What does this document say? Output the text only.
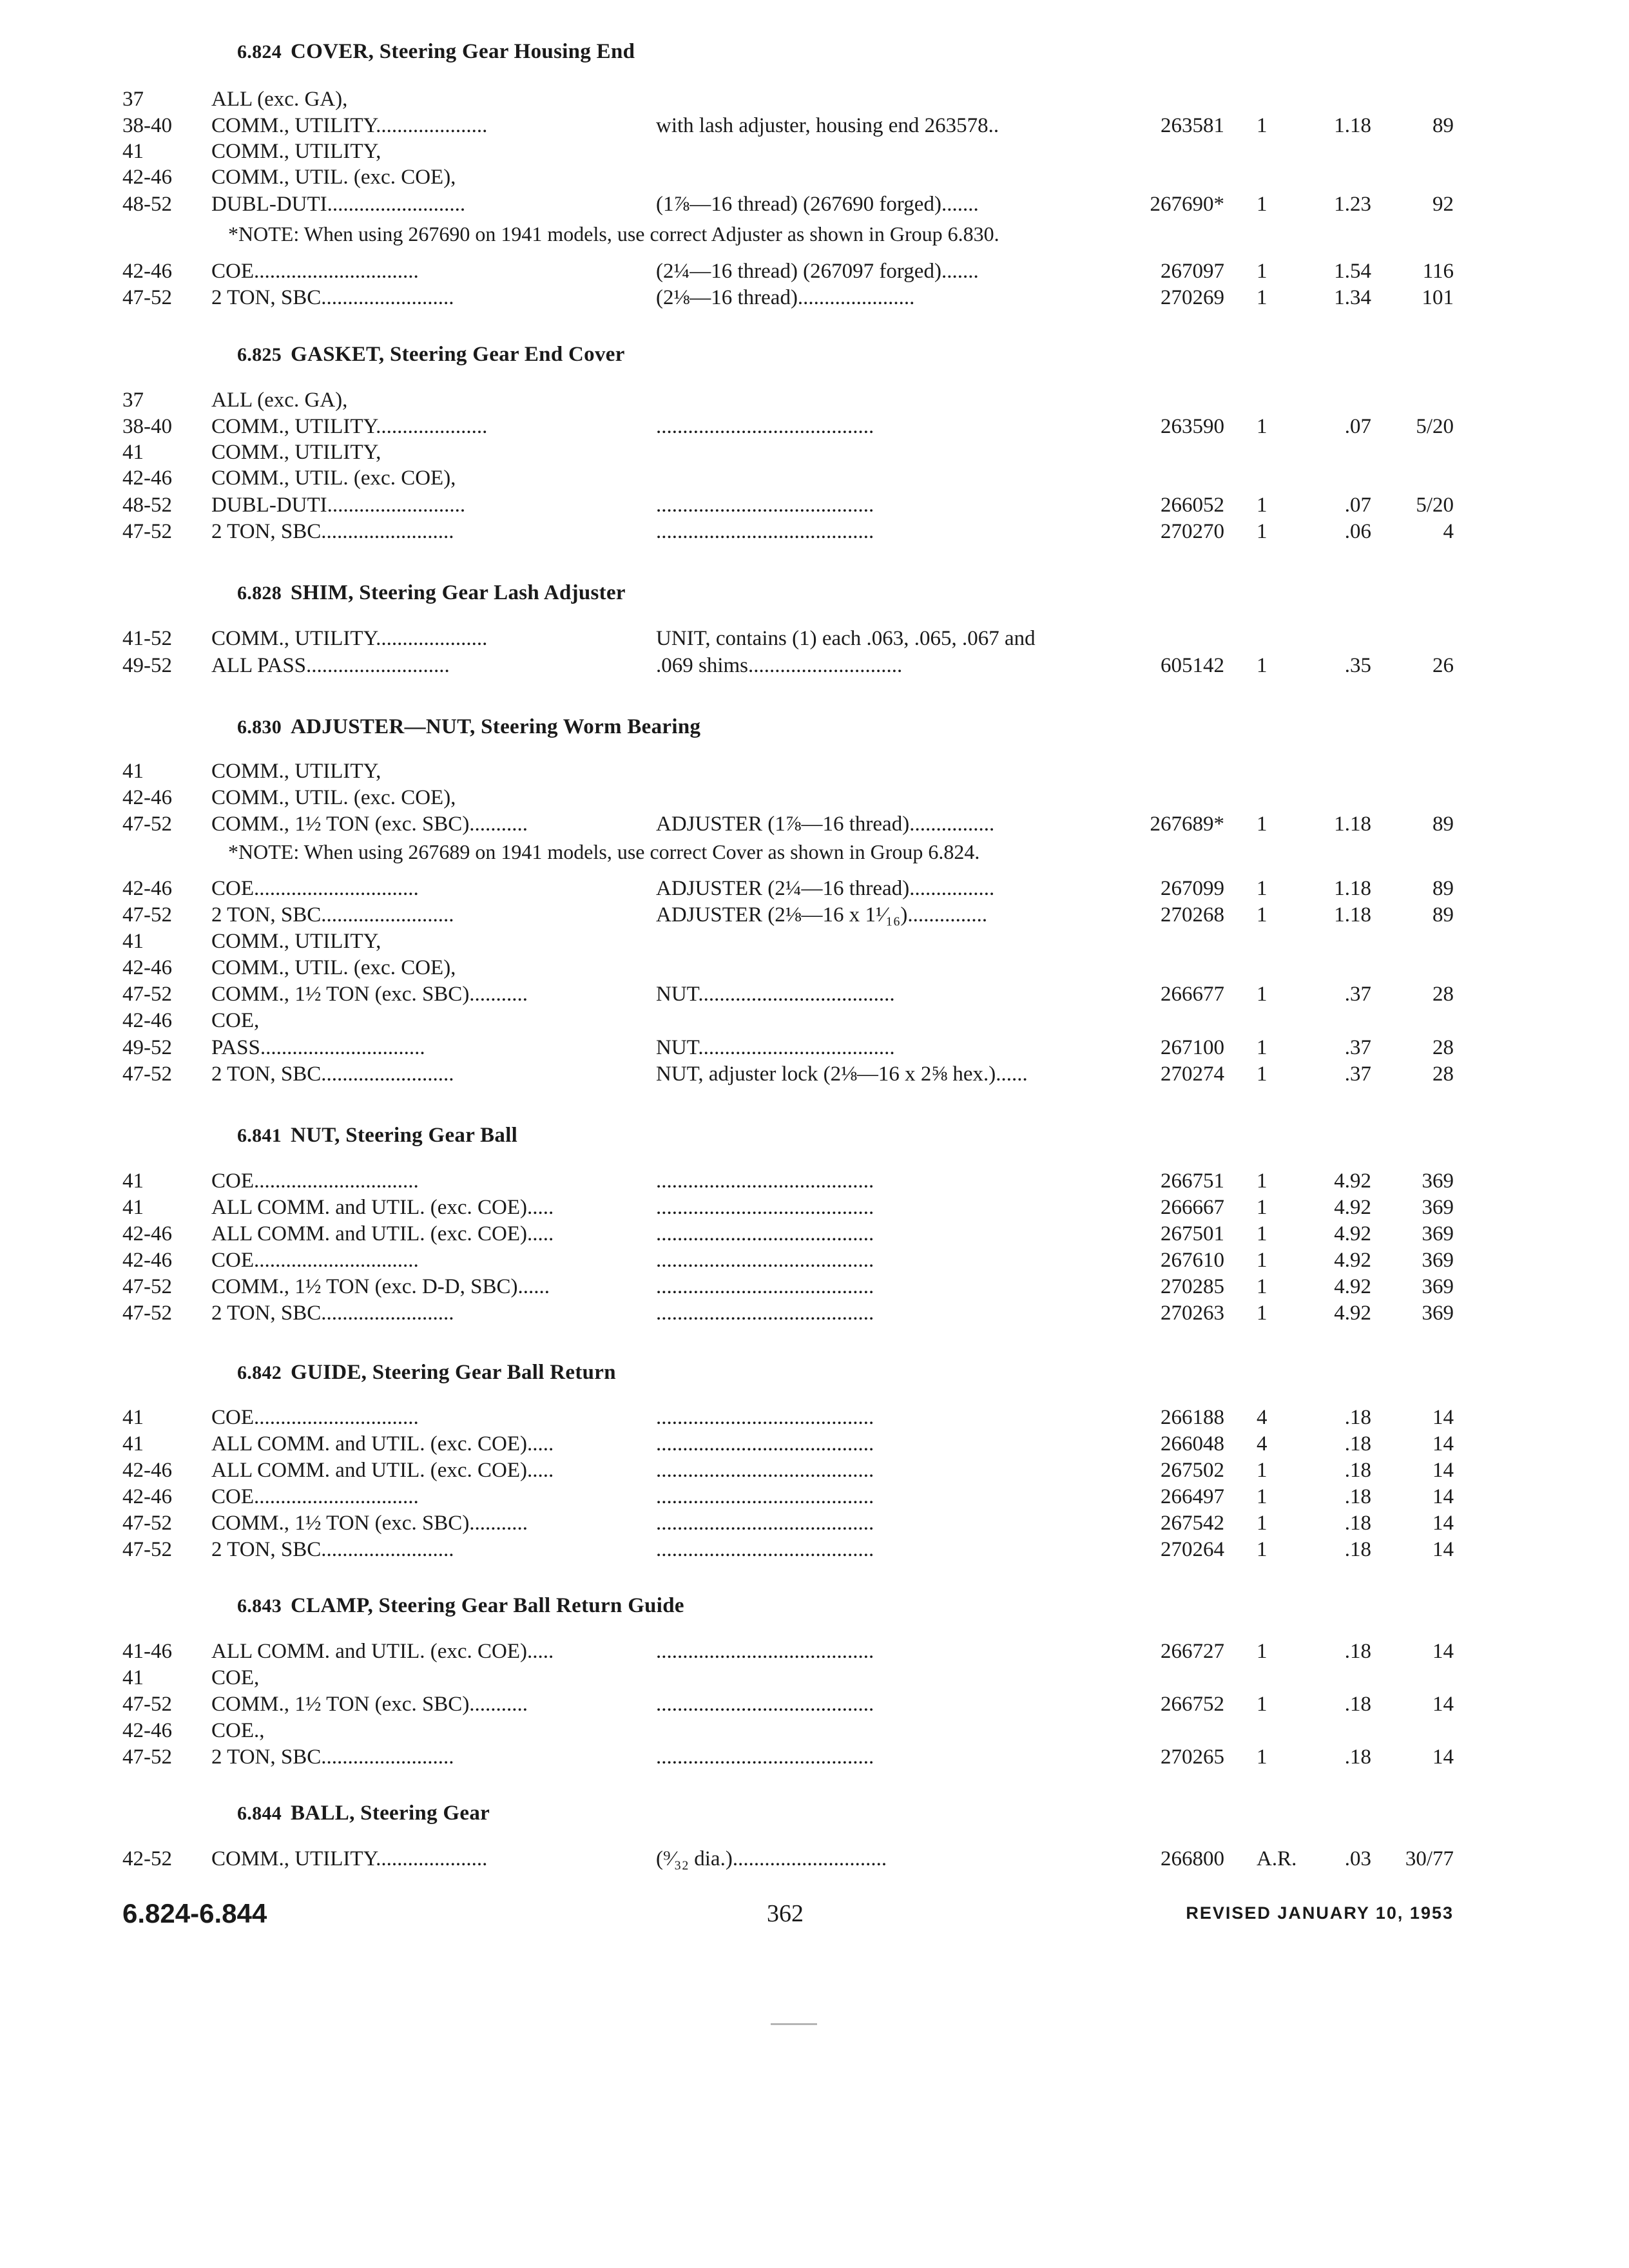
6.824 COVER, Steering Gear Housing End
37	ALL (exc. GA),
38-40 COMM., UTILITY.....................	with lash adjuster, housing end 263578..	263581 1	1.18	89
41	COMM., UTILITY,
42-46 COMM., UTIL. (exc. COE),
48-52 DUBL-DUTI..........................	(1⅞—16 thread) (267690 forged).......	267690* 1	1.23	92
*NOTE: When using 267690 on 1941 models, use correct Adjuster as shown in Group 6.830.
42-46 COE...............................	(2¼—16 thread) (267097 forged).......	267097 1	1.54 116
47-52 2 TON, SBC.........................	(2⅛—16 thread)......................	270269 1	1.34 101
6.825 GASKET, Steering Gear End Cover
37	ALL (exc. GA),
38-40 COMM., UTILITY.....................	.........................................	263590 1	.07 5/20
41	COMM., UTILITY,
42-46 COMM., UTIL. (exc. COE),
48-52 DUBL-DUTI..........................	.........................................	266052 1	.07 5/20
47-52 2 TON, SBC.........................	.........................................	270270 1	.06	4
6.828 SHIM, Steering Gear Lash Adjuster
41-52 COMM., UTILITY.....................	UNIT, contains (1) each .063, .065, .067 and
49-52 ALL PASS...........................	.069 shims.............................	605142 1	.35	26
6.830 ADJUSTER—NUT, Steering Worm Bearing
41	COMM., UTILITY,
42-46 COMM., UTIL. (exc. COE),
47-52 COMM., 1½ TON (exc. SBC)...........	ADJUSTER (1⅞—16 thread)................	267689* 1	1.18	89
*NOTE: When using 267689 on 1941 models, use correct Cover as shown in Group 6.824.
42-46 COE...............................	ADJUSTER (2¼—16 thread)................	267099 1	1.18	89
47-52 2 TON, SBC.........................	ADJUSTER (2⅛—16 x 1¹⁄₁₆)...............	270268 1	1.18	89
41	COMM., UTILITY,
42-46 COMM., UTIL. (exc. COE),
47-52 COMM., 1½ TON (exc. SBC)...........	NUT.....................................	266677 1	.37	28
42-46 COE,
49-52 PASS...............................	NUT.....................................	267100 1	.37	28
47-52 2 TON, SBC.........................	NUT, adjuster lock (2⅛—16 x 2⅝ hex.)......	270274 1	.37	28
6.841 NUT, Steering Gear Ball
41	COE...............................	.........................................	266751 1	4.92 369
41	ALL COMM. and UTIL. (exc. COE).....	.........................................	266667 1	4.92 369
42-46 ALL COMM. and UTIL. (exc. COE).....	.........................................	267501 1	4.92 369
42-46 COE...............................	.........................................	267610 1	4.92 369
47-52 COMM., 1½ TON (exc. D-D, SBC)......	.........................................	270285 1	4.92 369
47-52 2 TON, SBC.........................	.........................................	270263 1	4.92 369
6.842 GUIDE, Steering Gear Ball Return
41	COE...............................	.........................................	266188 4	.18	14
41	ALL COMM. and UTIL. (exc. COE).....	.........................................	266048 4	.18	14
42-46 ALL COMM. and UTIL. (exc. COE).....	.........................................	267502 1	.18	14
42-46 COE...............................	.........................................	266497 1	.18	14
47-52 COMM., 1½ TON (exc. SBC)...........	.........................................	267542 1	.18	14
47-52 2 TON, SBC.........................	.........................................	270264 1	.18	14
6.843 CLAMP, Steering Gear Ball Return Guide
41-46 ALL COMM. and UTIL. (exc. COE).....	.........................................	266727 1	.18	14
41	COE,
47-52 COMM., 1½ TON (exc. SBC)...........	.........................................	266752 1	.18	14
42-46 COE.,
47-52 2 TON, SBC.........................	.........................................	270265 1	.18	14
6.844 BALL, Steering Gear
42-52 COMM., UTILITY.....................	(⁹⁄₃₂ dia.).............................	266800 A.R. .03 30/77
6.824-6.844	362	REVISED JANUARY 10, 1953
